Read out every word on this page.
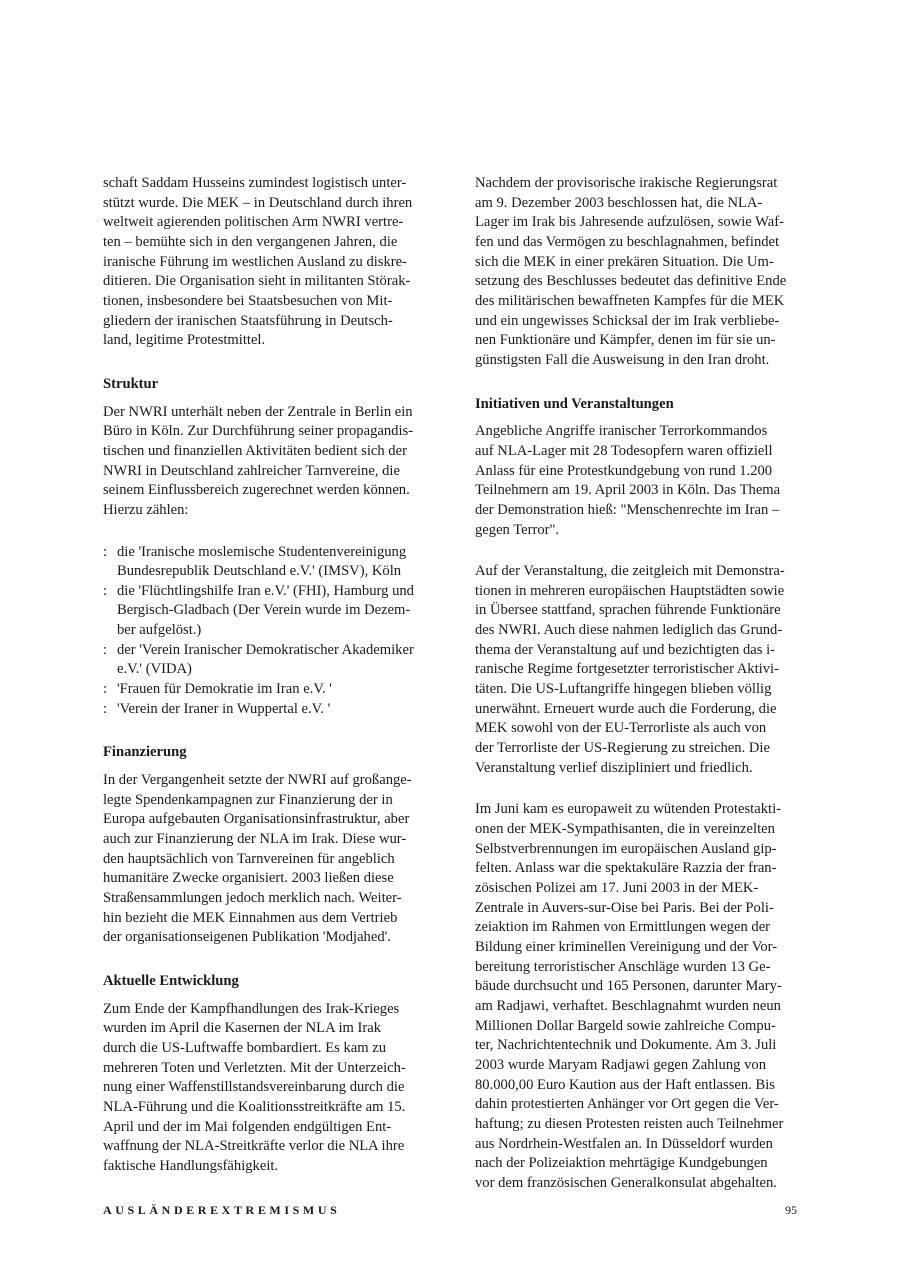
schaft Saddam Husseins zumindest logistisch unter-
stützt wurde. Die MEK – in Deutschland durch ihren
weltweit agierenden politischen Arm NWRI vertre-
ten – bemühte sich in den vergangenen Jahren, die
iranische Führung im westlichen Ausland zu diskre-
ditieren. Die Organisation sieht in militanten Störak-
tionen, insbesondere bei Staatsbesuchen von Mit-
gliedern der iranischen Staatsführung in Deutsch-
land, legitime Protestmittel.

Struktur

Der NWRI unterhält neben der Zentrale in Berlin ein
Büro in Köln. Zur Durchführung seiner propagandis-
tischen und finanziellen Aktivitäten bedient sich der
NWRI in Deutschland zahlreicher Tarnvereine, die
seinem Einflussbereich zugerechnet werden können.
Hierzu zählen:

: die 'Iranische moslemische Studentenvereinigung
Bundesrepublik Deutschland e.V.' (IMSV), Köln
: die 'Flüchtlingshilfe Iran e.V.' (FHI), Hamburg und
Bergisch-Gladbach (Der Verein wurde im Dezem-
ber aufgelöst.)
: der 'Verein Iranischer Demokratischer Akademiker
e.V.' (VIDA)
: 'Frauen für Demokratie im Iran e.V. '
: 'Verein der Iraner in Wuppertal e.V. '
Finanzierung

In der Vergangenheit setzte der NWRI auf großange-
legte Spendenkampagnen zur Finanzierung der in
Europa aufgebauten Organisationsinfrastruktur, aber
auch zur Finanzierung der NLA im Irak. Diese wur-
den hauptsächlich von Tarnvereinen für angeblich
humanitäre Zwecke organisiert. 2003 ließen diese
Straßensammlungen jedoch merklich nach. Weiter-
hin bezieht die MEK Einnahmen aus dem Vertrieb
der organisationseigenen Publikation 'Modjahed'.

Aktuelle Entwicklung

Zum Ende der Kampfhandlungen des Irak-Krieges
wurden im April die Kasernen der NLA im Irak
durch die US-Luftwaffe bombardiert. Es kam zu
mehreren Toten und Verletzten. Mit der Unterzeich-
nung einer Waffenstillstandsvereinbarung durch die
NLA-Führung und die Koalitionsstreitkräfte am 15.
April und der im Mai folgenden endgültigen Ent-
waffnung der NLA-Streitkräfte verlor die NLA ihre
faktische Handlungsfähigkeit.

Nachdem der provisorische irakische Regierungsrat
am 9. Dezember 2003 beschlossen hat, die NLA-
Lager im Irak bis Jahresende aufzulösen, sowie Waf-
fen und das Vermögen zu beschlagnahmen, befindet
sich die MEK in einer prekären Situation. Die Um-
setzung des Beschlusses bedeutet das definitive Ende
des militärischen bewaffneten Kampfes für die MEK
und ein ungewisses Schicksal der im Irak verbliebe-
nen Funktionäre und Kämpfer, denen im für sie un-
günstigsten Fall die Ausweisung in den Iran droht.

Initiativen und Veranstaltungen

Angebliche Angriffe iranischer Terrorkommandos
auf NLA-Lager mit 28 Todesopfern waren offiziell
Anlass für eine Protestkundgebung von rund 1.200
Teilnehmern am 19. April 2003 in Köln. Das Thema
der Demonstration hieß: "Menschenrechte im Iran –
gegen Terror".

Auf der Veranstaltung, die zeitgleich mit Demonstra-
tionen in mehreren europäischen Hauptstädten sowie
in Übersee stattfand, sprachen führende Funktionäre
des NWRI. Auch diese nahmen lediglich das Grund-
thema der Veranstaltung auf und bezichtigten das i-
ranische Regime fortgesetzter terroristischer Aktivi-
täten. Die US-Luftangriffe hingegen blieben völlig
unerwähnt. Erneuert wurde auch die Forderung, die
MEK sowohl von der EU-Terrorliste als auch von
der Terrorliste der US-Regierung zu streichen. Die
Veranstaltung verlief diszipliniert und friedlich.

Im Juni kam es europaweit zu wütenden Protestakti-
onen der MEK-Sympathisanten, die in vereinzelten
Selbstverbrennungen im europäischen Ausland gip-
felten. Anlass war die spektakuläre Razzia der fran-
zösischen Polizei am 17. Juni 2003 in der MEK-
Zentrale in Auvers-sur-Oise bei Paris. Bei der Poli-
zeiaktion im Rahmen von Ermittlungen wegen der
Bildung einer kriminellen Vereinigung und der Vor-
bereitung terroristischer Anschläge wurden 13 Ge-
bäude durchsucht und 165 Personen, darunter Mary-
am Radjawi, verhaftet. Beschlagnahmt wurden neun
Millionen Dollar Bargeld sowie zahlreiche Compu-
ter, Nachrichtentechnik und Dokumente. Am 3. Juli
2003 wurde Maryam Radjawi gegen Zahlung von
80.000,00 Euro Kaution aus der Haft entlassen. Bis
dahin protestierten Anhänger vor Ort gegen die Ver-
haftung; zu diesen Protesten reisten auch Teilnehmer
aus Nordrhein-Westfalen an. In Düsseldorf wurden
nach der Polizeiaktion mehrtägige Kundgebungen
vor dem französischen Generalkonsulat abgehalten.

AUSLÄNDEREXTREMISMUS	95
